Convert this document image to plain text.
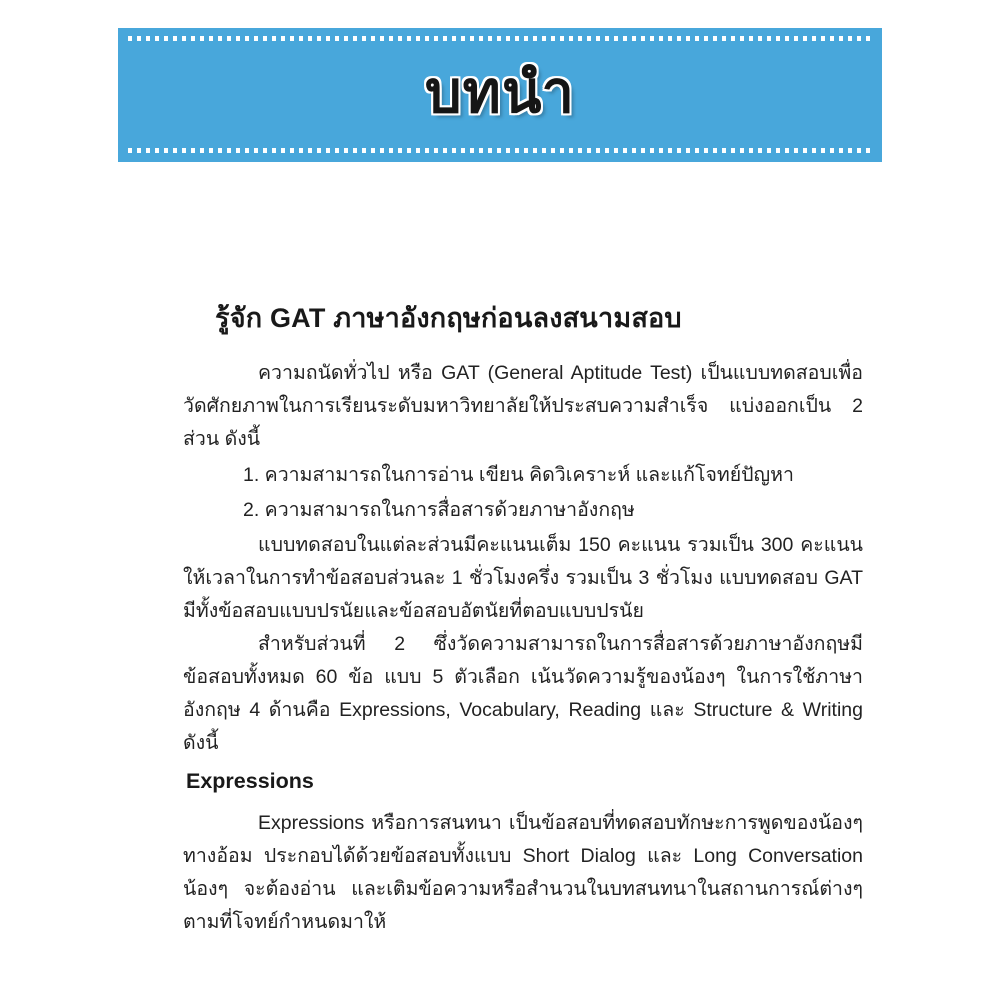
บทนำ
รู้จัก GAT ภาษาอังกฤษก่อนลงสนามสอบ

ความถนัดทั่วไป หรือ GAT (General Aptitude Test) เป็นแบบทดสอบเพื่อวัดศักยภาพในการเรียนระดับมหาวิทยาลัยให้ประสบความสำเร็จ แบ่งออกเป็น 2 ส่วน ดังนี้

1. ความสามารถในการอ่าน เขียน คิดวิเคราะห์ และแก้โจทย์ปัญหา
2. ความสามารถในการสื่อสารด้วยภาษาอังกฤษ

แบบทดสอบในแต่ละส่วนมีคะแนนเต็ม 150 คะแนน รวมเป็น 300 คะแนน ให้เวลาในการทำข้อสอบส่วนละ 1 ชั่วโมงครึ่ง รวมเป็น 3 ชั่วโมง แบบทดสอบ GAT มีทั้งข้อสอบแบบปรนัยและข้อสอบอัตนัยที่ตอบแบบปรนัย

สำหรับส่วนที่ 2 ซึ่งวัดความสามารถในการสื่อสารด้วยภาษาอังกฤษมีข้อสอบทั้งหมด 60 ข้อ แบบ 5 ตัวเลือก เน้นวัดความรู้ของน้องๆ ในการใช้ภาษาอังกฤษ 4 ด้านคือ Expressions, Vocabulary, Reading และ Structure & Writing ดังนี้

Expressions

Expressions หรือการสนทนา เป็นข้อสอบที่ทดสอบทักษะการพูดของน้องๆ ทางอ้อม ประกอบได้ด้วยข้อสอบทั้งแบบ Short Dialog และ Long Conversation น้องๆ จะต้องอ่าน และเติมข้อความหรือสำนวนในบทสนทนาในสถานการณ์ต่างๆ ตามที่โจทย์กำหนดมาให้
